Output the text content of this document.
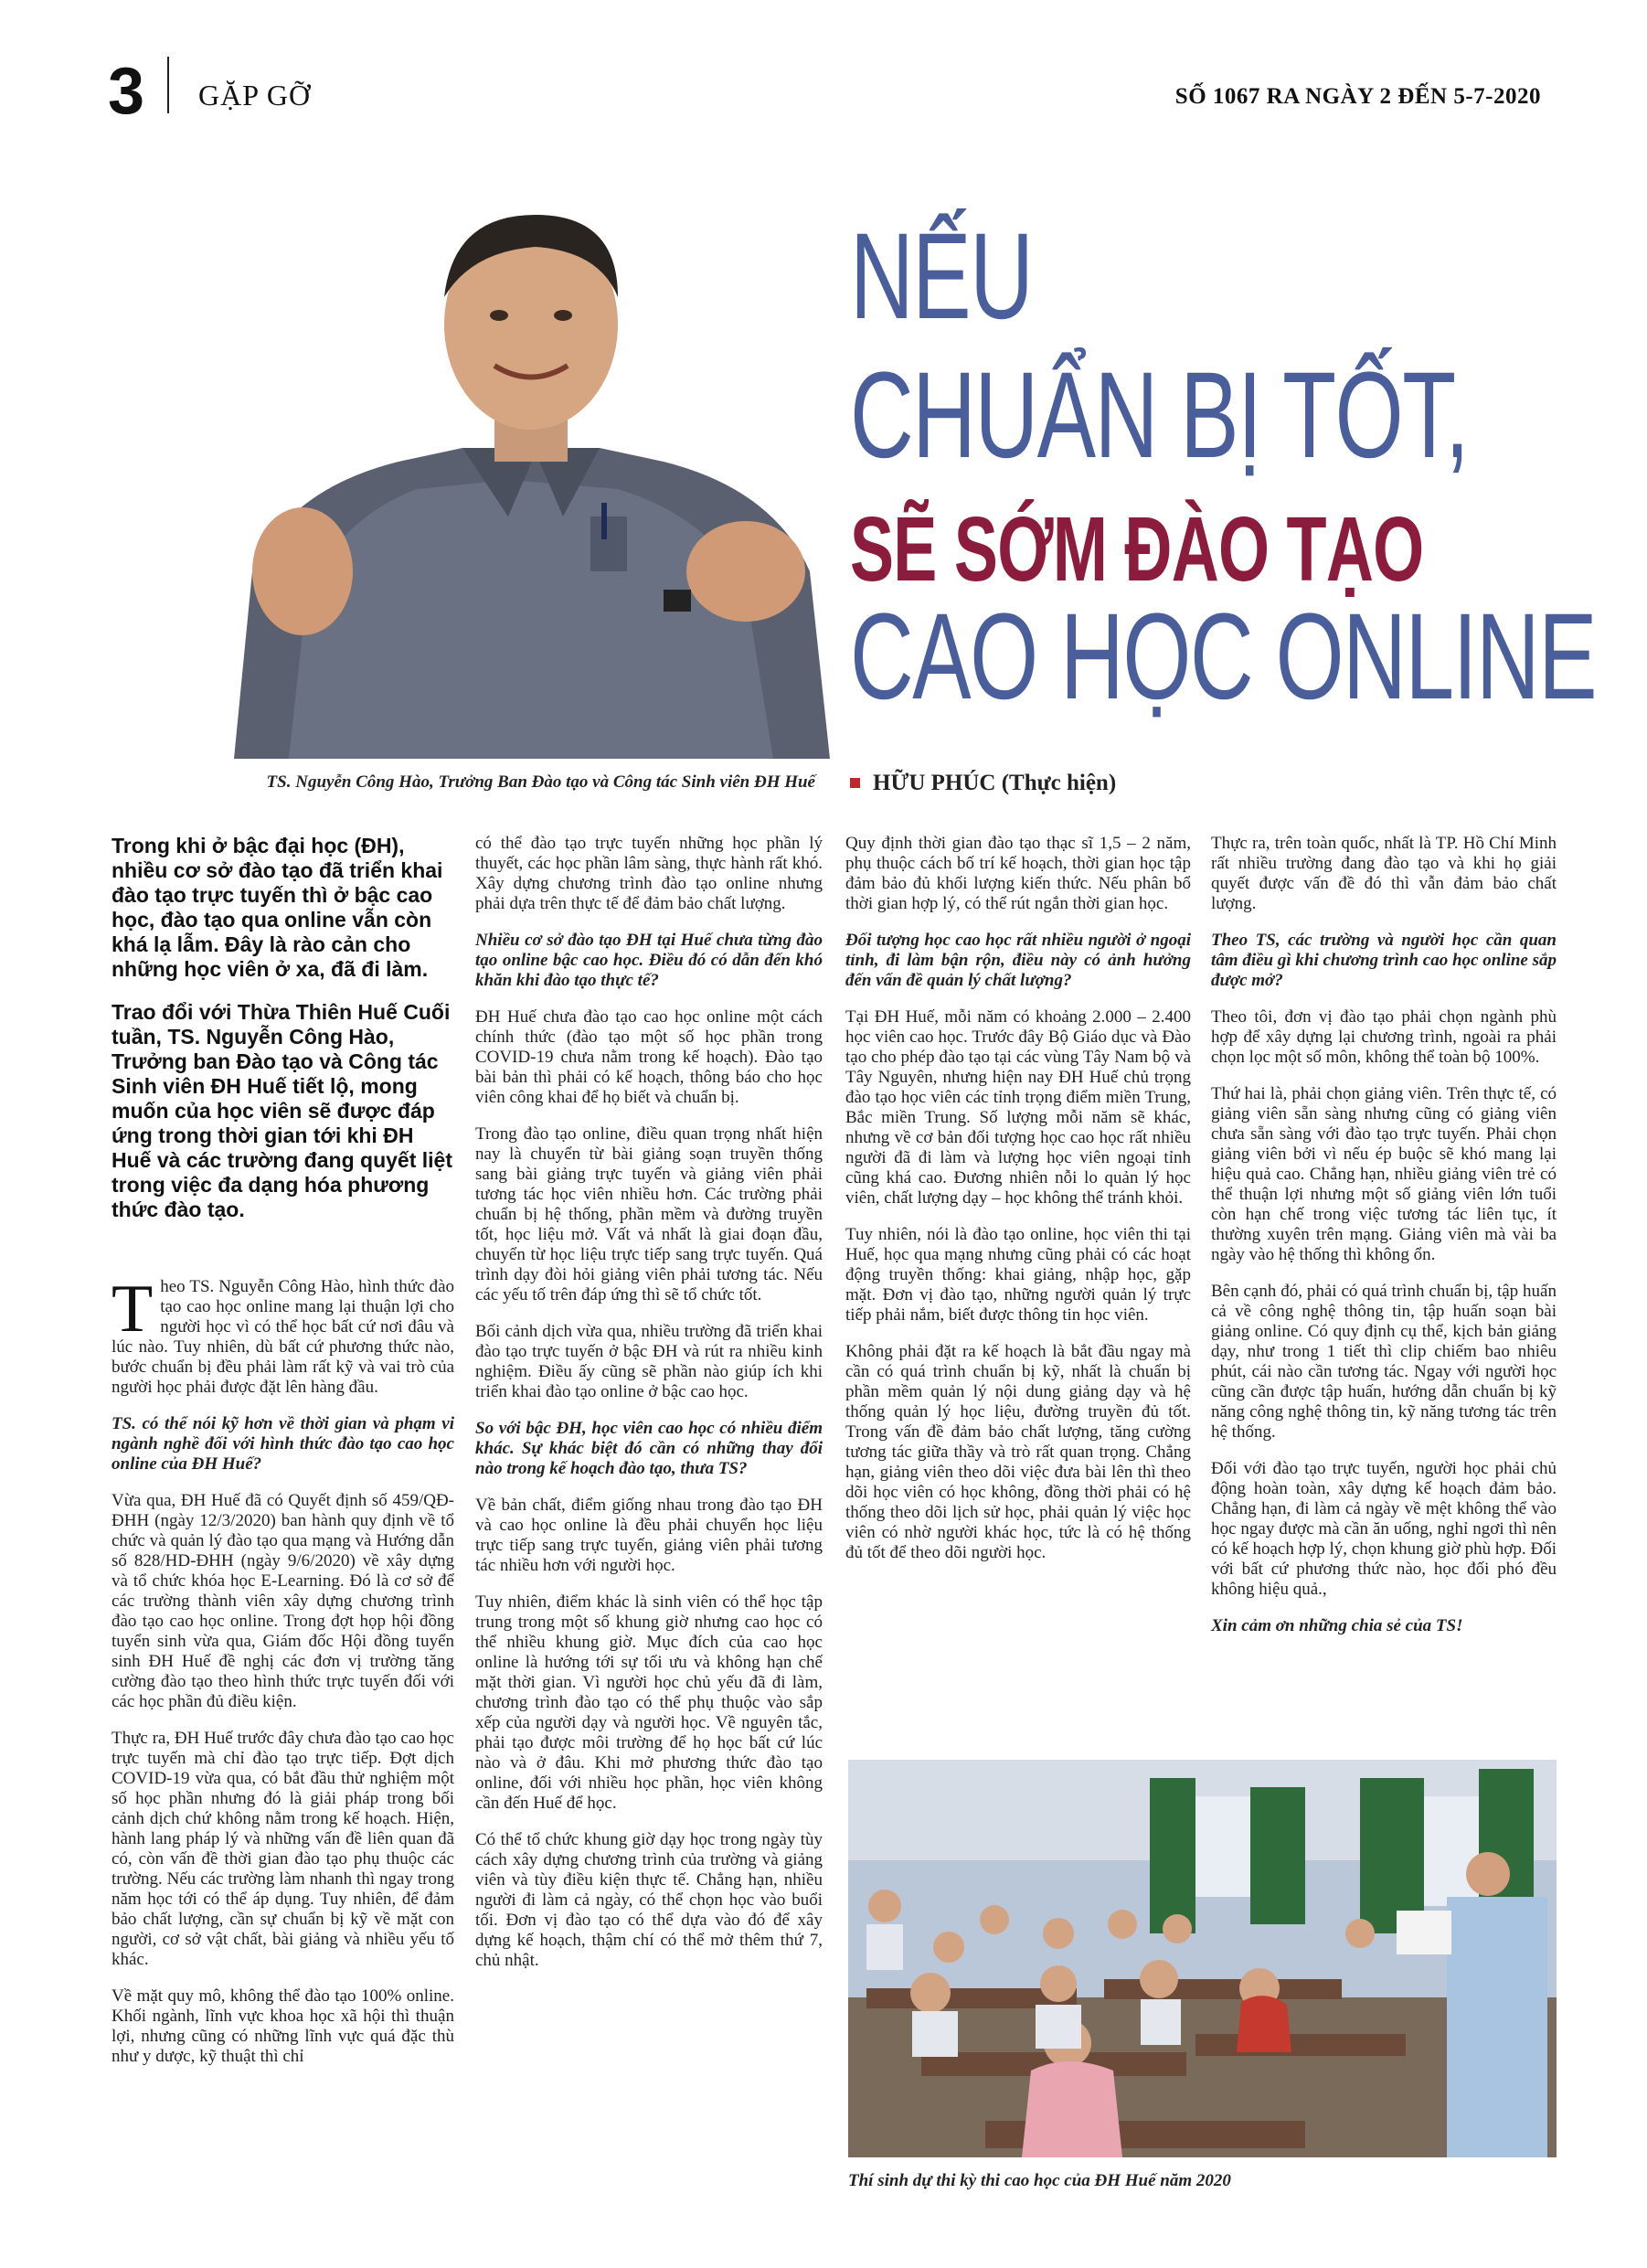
3 GẶP GỠ	SỐ 1067 RA NGÀY 2 ĐẾN 5-7-2020
TS. Nguyễn Công Hào, Trưởng Ban Đào tạo và Công tác Sinh viên ĐH Huế
NẾU
CHUẨN BỊ TỐT,
SẼ SỚM ĐÀO TẠO
CAO HỌC ONLINE
HỮU PHÚC (Thực hiện)

Trong khi ở bậc đại học (ĐH), nhiều cơ sở đào tạo đã triển khai đào tạo trực tuyến thì ở bậc cao học, đào tạo qua online vẫn còn khá lạ lẫm. Đây là rào cản cho những học viên ở xa, đã đi làm.

Trao đổi với Thừa Thiên Huế Cuối tuần, TS. Nguyễn Công Hào, Trưởng ban Đào tạo và Công tác Sinh viên ĐH Huế tiết lộ, mong muốn của học viên sẽ được đáp ứng trong thời gian tới khi ĐH Huế và các trường đang quyết liệt trong việc đa dạng hóa phương thức đào tạo.

Theo TS. Nguyễn Công Hào, hình thức đào tạo cao học online mang lại thuận lợi cho người học vì có thể học bất cứ nơi đâu và lúc nào. Tuy nhiên, dù bất cứ phương thức nào, bước chuẩn bị đều phải làm rất kỹ và vai trò của người học phải được đặt lên hàng đầu.

TS. có thể nói kỹ hơn về thời gian và phạm vi ngành nghề đối với hình thức đào tạo cao học online của ĐH Huế?

Vừa qua, ĐH Huế đã có Quyết định số 459/QĐ-ĐHH (ngày 12/3/2020) ban hành quy định về tổ chức và quản lý đào tạo qua mạng và Hướng dẫn số 828/HD-ĐHH (ngày 9/6/2020) về xây dựng và tổ chức khóa học E-Learning. Đó là cơ sở để các trường thành viên xây dựng chương trình đào tạo cao học online. Trong đợt họp hội đồng tuyển sinh vừa qua, Giám đốc Hội đồng tuyển sinh ĐH Huế đề nghị các đơn vị trường tăng cường đào tạo theo hình thức trực tuyến đối với các học phần đủ điều kiện.

Thực ra, ĐH Huế trước đây chưa đào tạo cao học trực tuyến mà chỉ đào tạo trực tiếp. Đợt dịch COVID-19 vừa qua, có bắt đầu thử nghiệm một số học phần nhưng đó là giải pháp trong bối cảnh dịch chứ không nằm trong kế hoạch. Hiện, hành lang pháp lý và những vấn đề liên quan đã có, còn vấn đề thời gian đào tạo phụ thuộc các trường. Nếu các trường làm nhanh thì ngay trong năm học tới có thể áp dụng. Tuy nhiên, để đảm bảo chất lượng, cần sự chuẩn bị kỹ về mặt con người, cơ sở vật chất, bài giảng và nhiều yếu tố khác.

Về mặt quy mô, không thể đào tạo 100% online. Khối ngành, lĩnh vực khoa học xã hội thì thuận lợi, nhưng cũng có những lĩnh vực quá đặc thù như y dược, kỹ thuật thì chỉ

có thể đào tạo trực tuyến những học phần lý thuyết, các học phần lâm sàng, thực hành rất khó. Xây dựng chương trình đào tạo online nhưng phải dựa trên thực tế để đảm bảo chất lượng.

Nhiều cơ sở đào tạo ĐH tại Huế chưa từng đào tạo online bậc cao học. Điều đó có dẫn đến khó khăn khi đào tạo thực tế?

ĐH Huế chưa đào tạo cao học online một cách chính thức (đào tạo một số học phần trong COVID-19 chưa nằm trong kế hoạch). Đào tạo bài bản thì phải có kế hoạch, thông báo cho học viên công khai để họ biết và chuẩn bị.

Trong đào tạo online, điều quan trọng nhất hiện nay là chuyển từ bài giảng soạn truyền thống sang bài giảng trực tuyến và giảng viên phải tương tác học viên nhiều hơn. Các trường phải chuẩn bị hệ thống, phần mềm và đường truyền tốt, học liệu mở. Vất vả nhất là giai đoạn đầu, chuyển từ học liệu trực tiếp sang trực tuyến. Quá trình dạy đòi hỏi giảng viên phải tương tác. Nếu các yếu tố trên đáp ứng thì sẽ tổ chức tốt.

Bối cảnh dịch vừa qua, nhiều trường đã triển khai đào tạo trực tuyến ở bậc ĐH và rút ra nhiều kinh nghiệm. Điều ấy cũng sẽ phần nào giúp ích khi triển khai đào tạo online ở bậc cao học.

So với bậc ĐH, học viên cao học có nhiều điểm khác. Sự khác biệt đó cần có những thay đổi nào trong kế hoạch đào tạo, thưa TS?

Về bản chất, điểm giống nhau trong đào tạo ĐH và cao học online là đều phải chuyển học liệu trực tiếp sang trực tuyến, giảng viên phải tương tác nhiều hơn với người học.

Tuy nhiên, điểm khác là sinh viên có thể học tập trung trong một số khung giờ nhưng cao học có thể nhiều khung giờ. Mục đích của cao học online là hướng tới sự tối ưu và không hạn chế mặt thời gian. Vì người học chủ yếu đã đi làm, chương trình đào tạo có thể phụ thuộc vào sắp xếp của người dạy và người học. Về nguyên tắc, phải tạo được môi trường để họ học bất cứ lúc nào và ở đâu. Khi mở phương thức đào tạo online, đối với nhiều học phần, học viên không cần đến Huế để học.

Có thể tổ chức khung giờ dạy học trong ngày tùy cách xây dựng chương trình của trường và giảng viên và tùy điều kiện thực tế. Chẳng hạn, nhiều người đi làm cả ngày, có thể chọn học vào buổi tối. Đơn vị đào tạo có thể dựa vào đó để xây dựng kế hoạch, thậm chí có thể mở thêm thứ 7, chủ nhật.

Quy định thời gian đào tạo thạc sĩ 1,5 – 2 năm, phụ thuộc cách bố trí kế hoạch, thời gian học tập đảm bảo đủ khối lượng kiến thức. Nếu phân bổ thời gian hợp lý, có thể rút ngắn thời gian học.

Đối tượng học cao học rất nhiều người ở ngoại tỉnh, đi làm bận rộn, điều này có ảnh hưởng đến vấn đề quản lý chất lượng?

Tại ĐH Huế, mỗi năm có khoảng 2.000 – 2.400 học viên cao học. Trước đây Bộ Giáo dục và Đào tạo cho phép đào tạo tại các vùng Tây Nam bộ và Tây Nguyên, nhưng hiện nay ĐH Huế chủ trọng đào tạo học viên các tỉnh trọng điểm miền Trung, Bắc miền Trung. Số lượng mỗi năm sẽ khác, nhưng về cơ bản đối tượng học cao học rất nhiều người đã đi làm và lượng học viên ngoại tỉnh cũng khá cao. Đương nhiên nỗi lo quản lý học viên, chất lượng dạy – học không thể tránh khỏi.

Tuy nhiên, nói là đào tạo online, học viên thi tại Huế, học qua mạng nhưng cũng phải có các hoạt động truyền thống: khai giảng, nhập học, gặp mặt. Đơn vị đào tạo, những người quản lý trực tiếp phải nắm, biết được thông tin học viên.

Không phải đặt ra kế hoạch là bắt đầu ngay mà cần có quá trình chuẩn bị kỹ, nhất là chuẩn bị phần mềm quản lý nội dung giảng dạy và hệ thống quản lý học liệu, đường truyền đủ tốt. Trong vấn đề đảm bảo chất lượng, tăng cường tương tác giữa thầy và trò rất quan trọng. Chẳng hạn, giảng viên theo dõi việc đưa bài lên thì theo dõi học viên có học không, đồng thời phải có hệ thống theo dõi lịch sử học, phải quản lý việc học viên có nhờ người khác học, tức là có hệ thống đủ tốt để theo dõi người học.

Thực ra, trên toàn quốc, nhất là TP. Hồ Chí Minh rất nhiều trường đang đào tạo và khi họ giải quyết được vấn đề đó thì vẫn đảm bảo chất lượng.

Theo TS, các trường và người học cần quan tâm điều gì khi chương trình cao học online sắp được mở?

Theo tôi, đơn vị đào tạo phải chọn ngành phù hợp để xây dựng lại chương trình, ngoài ra phải chọn lọc một số môn, không thể toàn bộ 100%.

Thứ hai là, phải chọn giảng viên. Trên thực tế, có giảng viên sẵn sàng nhưng cũng có giảng viên chưa sẵn sàng với đào tạo trực tuyến. Phải chọn giảng viên bởi vì nếu ép buộc sẽ khó mang lại hiệu quả cao. Chẳng hạn, nhiều giảng viên trẻ có thể thuận lợi nhưng một số giảng viên lớn tuổi còn hạn chế trong việc tương tác liên tục, ít thường xuyên trên mạng. Giảng viên mà vài ba ngày vào hệ thống thì không ổn.

Bên cạnh đó, phải có quá trình chuẩn bị, tập huấn cả về công nghệ thông tin, tập huấn soạn bài giảng online. Có quy định cụ thể, kịch bản giảng dạy, như trong 1 tiết thì clip chiếm bao nhiêu phút, cái nào cần tương tác. Ngay với người học cũng cần được tập huấn, hướng dẫn chuẩn bị kỹ năng công nghệ thông tin, kỹ năng tương tác trên hệ thống.

Đối với đào tạo trực tuyến, người học phải chủ động hoàn toàn, xây dựng kế hoạch đảm bảo. Chẳng hạn, đi làm cả ngày về mệt không thể vào học ngay được mà cần ăn uống, nghỉ ngơi thì nên có kế hoạch hợp lý, chọn khung giờ phù hợp. Đối với bất cứ phương thức nào, học đối phó đều không hiệu quả.,

Xin cảm ơn những chia sẻ của TS!

Thí sinh dự thi kỳ thi cao học của ĐH Huế năm 2020
